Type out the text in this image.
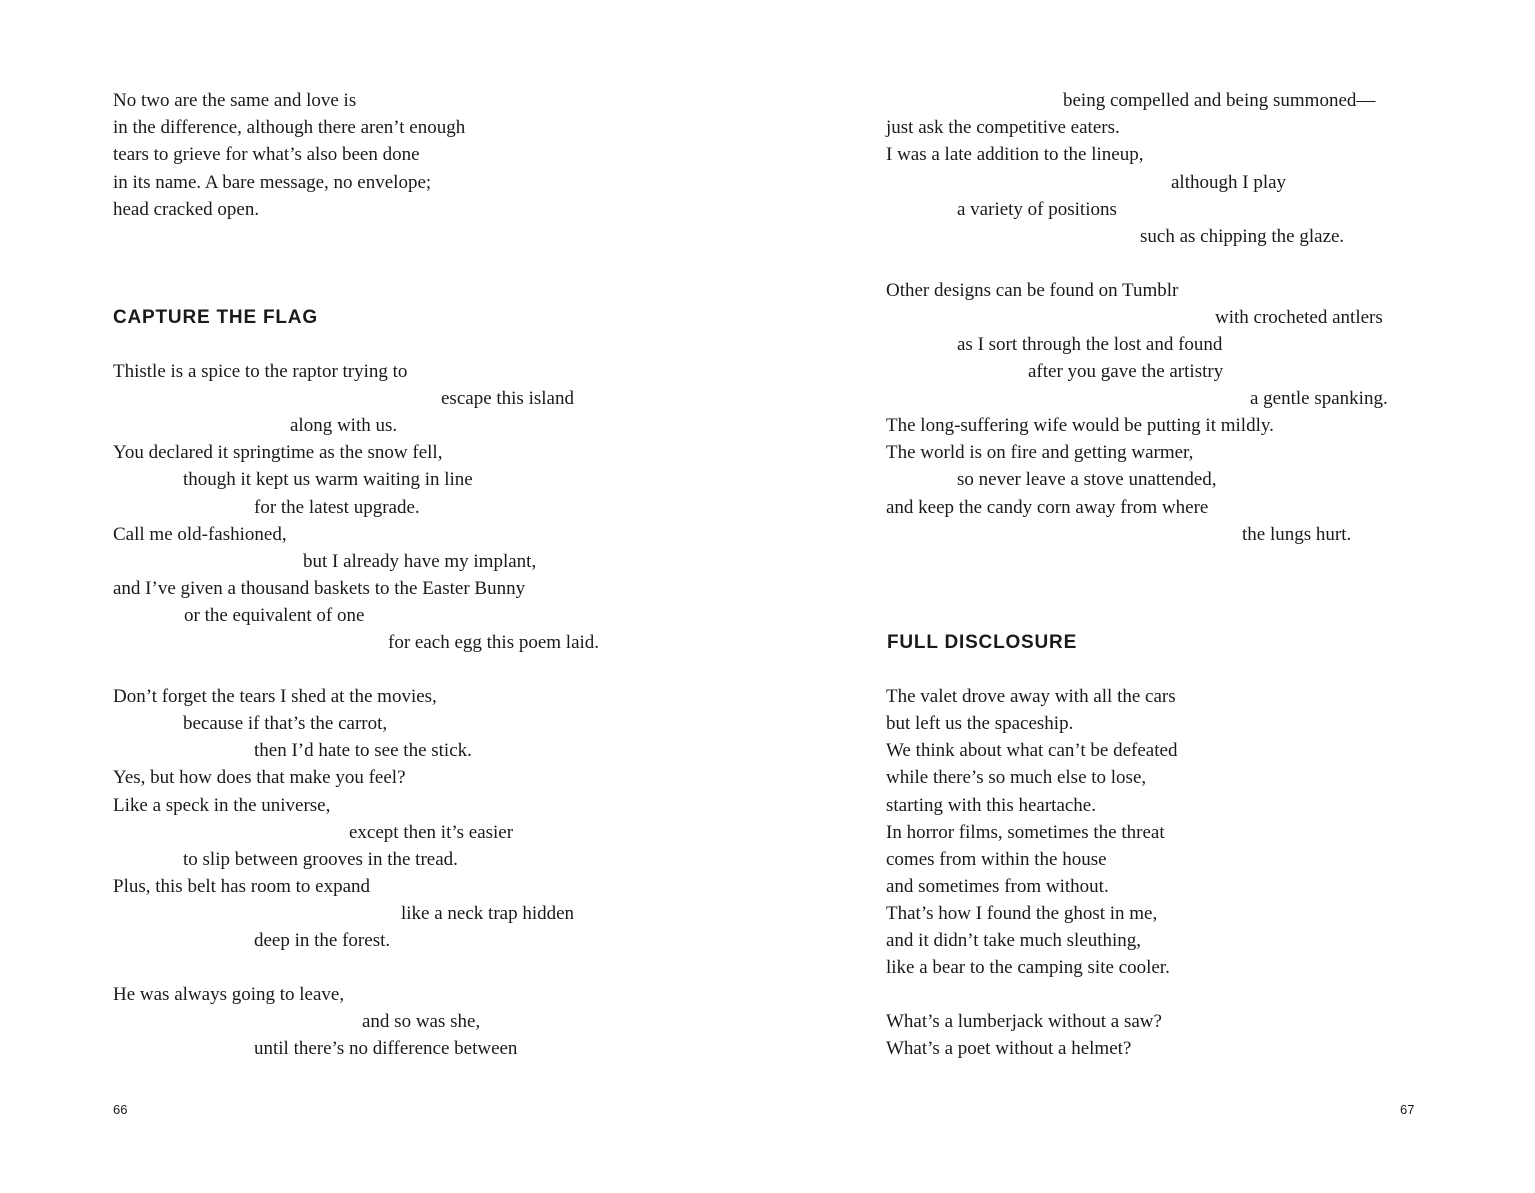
No two are the same and love is
in the difference, although there aren’t enough
tears to grieve for what’s also been done
in its name. A bare message, no envelope;
head cracked open.
CAPTURE THE FLAG
Thistle is a spice to the raptor trying to
escape this island
along with us.
You declared it springtime as the snow fell,
though it kept us warm waiting in line
for the latest upgrade.
Call me old-fashioned,
but I already have my implant,
and I’ve given a thousand baskets to the Easter Bunny
or the equivalent of one
for each egg this poem laid.
Don’t forget the tears I shed at the movies,
because if that’s the carrot,
then I’d hate to see the stick.
Yes, but how does that make you feel?
Like a speck in the universe,
except then it’s easier
to slip between grooves in the tread.
Plus, this belt has room to expand
like a neck trap hidden
deep in the forest.
He was always going to leave,
and so was she,
until there’s no difference between
66
being compelled and being summoned—
just ask the competitive eaters.
I was a late addition to the lineup,
although I play
a variety of positions
such as chipping the glaze.
Other designs can be found on Tumblr
with crocheted antlers
as I sort through the lost and found
after you gave the artistry
a gentle spanking.
The long-suffering wife would be putting it mildly.
The world is on fire and getting warmer,
so never leave a stove unattended,
and keep the candy corn away from where
the lungs hurt.
FULL DISCLOSURE
The valet drove away with all the cars
but left us the spaceship.
We think about what can’t be defeated
while there’s so much else to lose,
starting with this heartache.
In horror films, sometimes the threat
comes from within the house
and sometimes from without.
That’s how I found the ghost in me,
and it didn’t take much sleuthing,
like a bear to the camping site cooler.
What’s a lumberjack without a saw?
What’s a poet without a helmet?
67
